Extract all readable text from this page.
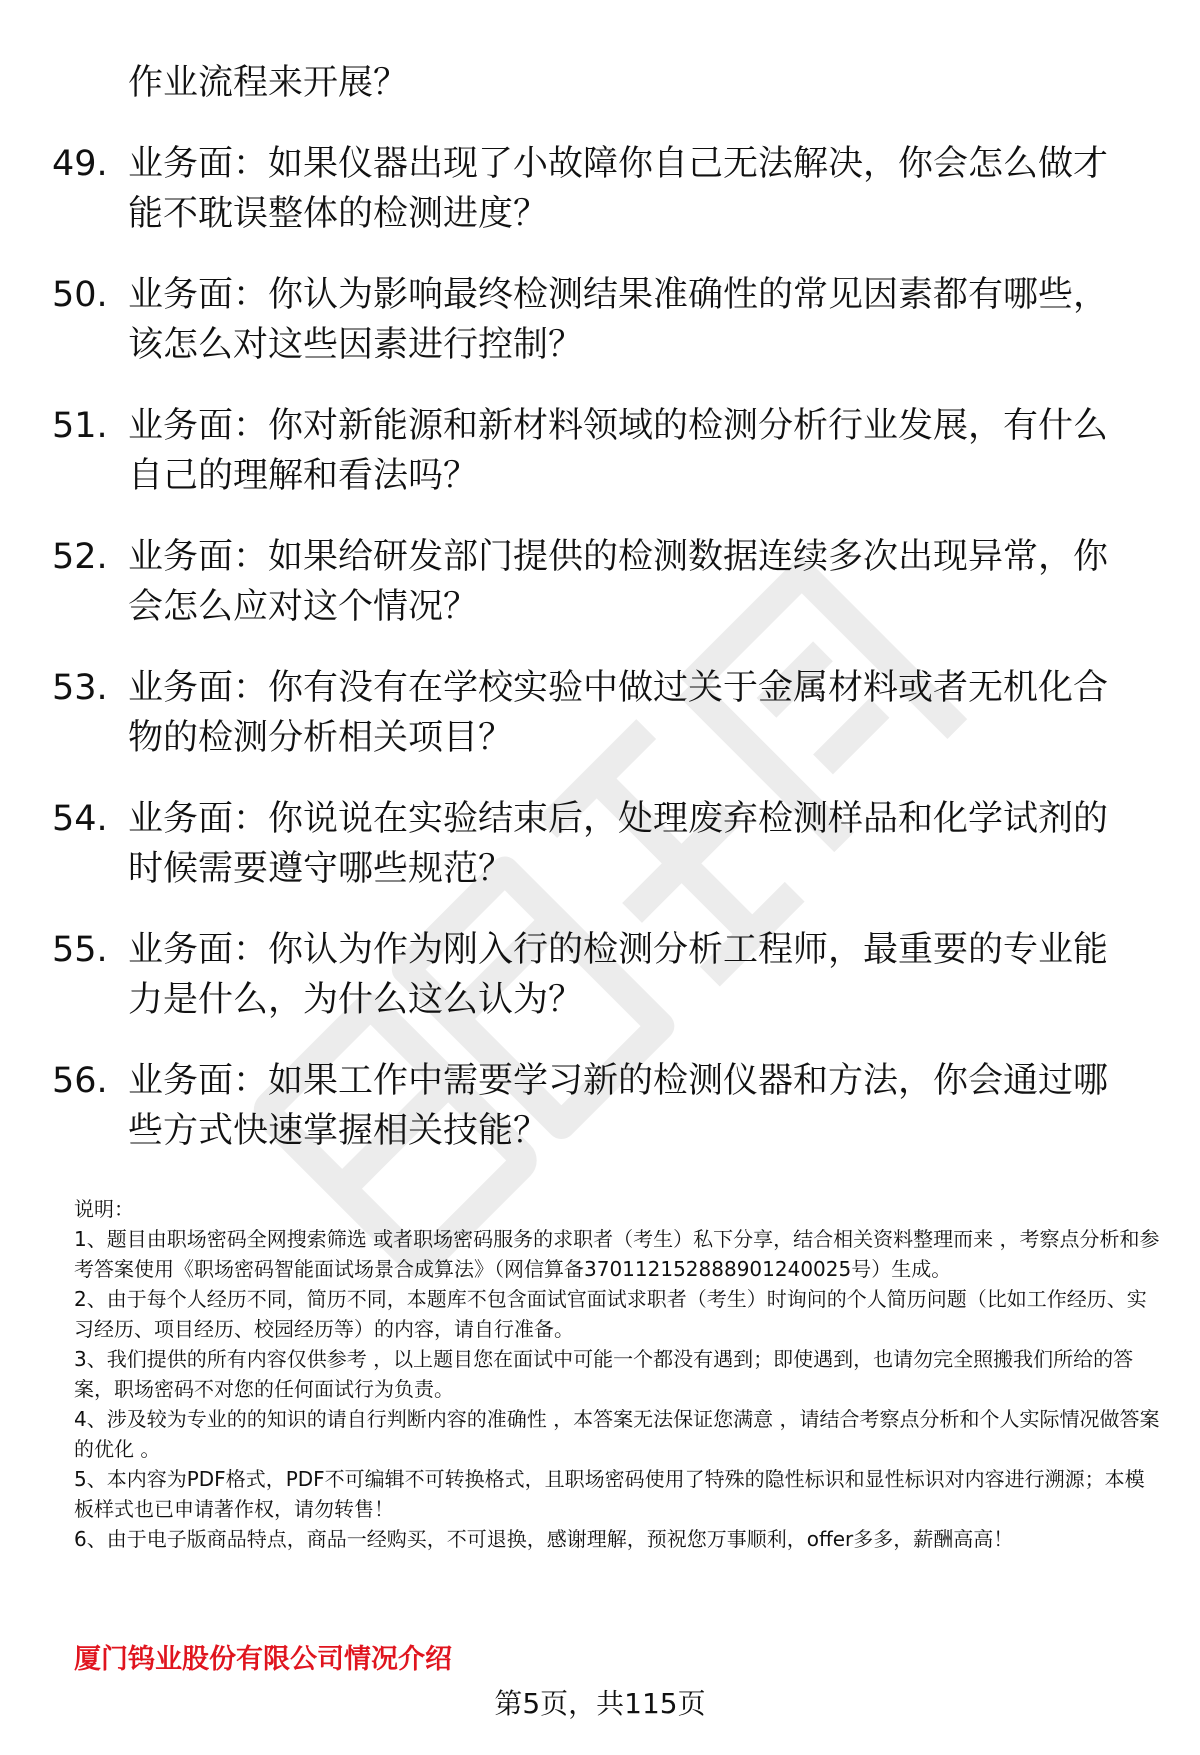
作业流程来开展？

49. 业务面：如果仪器出现了小故障你自己无法解决，你会怎么做才能不耽误整体的检测进度？
50. 业务面：你认为影响最终检测结果准确性的常见因素都有哪些，该怎么对这些因素进行控制？
51. 业务面：你对新能源和新材料领域的检测分析行业发展，有什么自己的理解和看法吗？
52. 业务面：如果给研发部门提供的检测数据连续多次出现异常，你会怎么应对这个情况？
53. 业务面：你有没有在学校实验中做过关于金属材料或者无机化合物的检测分析相关项目？
54. 业务面：你说说在实验结束后，处理废弃检测样品和化学试剂的时候需要遵守哪些规范？
55. 业务面：你认为作为刚入行的检测分析工程师，最重要的专业能力是什么，为什么这么认为？
56. 业务面：如果工作中需要学习新的检测仪器和方法，你会通过哪些方式快速掌握相关技能？

说明：

1、题目由职场密码全网搜索筛选 或者职场密码服务的求职者（考生）私下分享，结合相关资料整理而来 ，考察点分析和参考答案使用《职场密码智能面试场景合成算法》（网信算备370112152888901240025号）生成。

2、由于每个人经历不同，简历不同，本题库不包含面试官面试求职者（考生）时询问的个人简历问题（比如工作经历、实习经历、项目经历、校园经历等）的内容，请自行准备。

3、我们提供的所有内容仅供参考 ，以上题目您在面试中可能一个都没有遇到；即使遇到，也请勿完全照搬我们所给的答案，职场密码不对您的任何面试行为负责。

4、涉及较为专业的的知识的请自行判断内容的准确性 ，本答案无法保证您满意 ，请结合考察点分析和个人实际情况做答案的优化 。

5、本内容为PDF格式，PDF不可编辑不可转换格式，且职场密码使用了特殊的隐性标识和显性标识对内容进行溯源；本模板样式也已申请著作权，请勿转售！

6、由于电子版商品特点，商品一经购买，不可退换，感谢理解，预祝您万事顺利，offer多多，薪酬高高！

厦门钨业股份有限公司情况介绍

第5页，共115页
